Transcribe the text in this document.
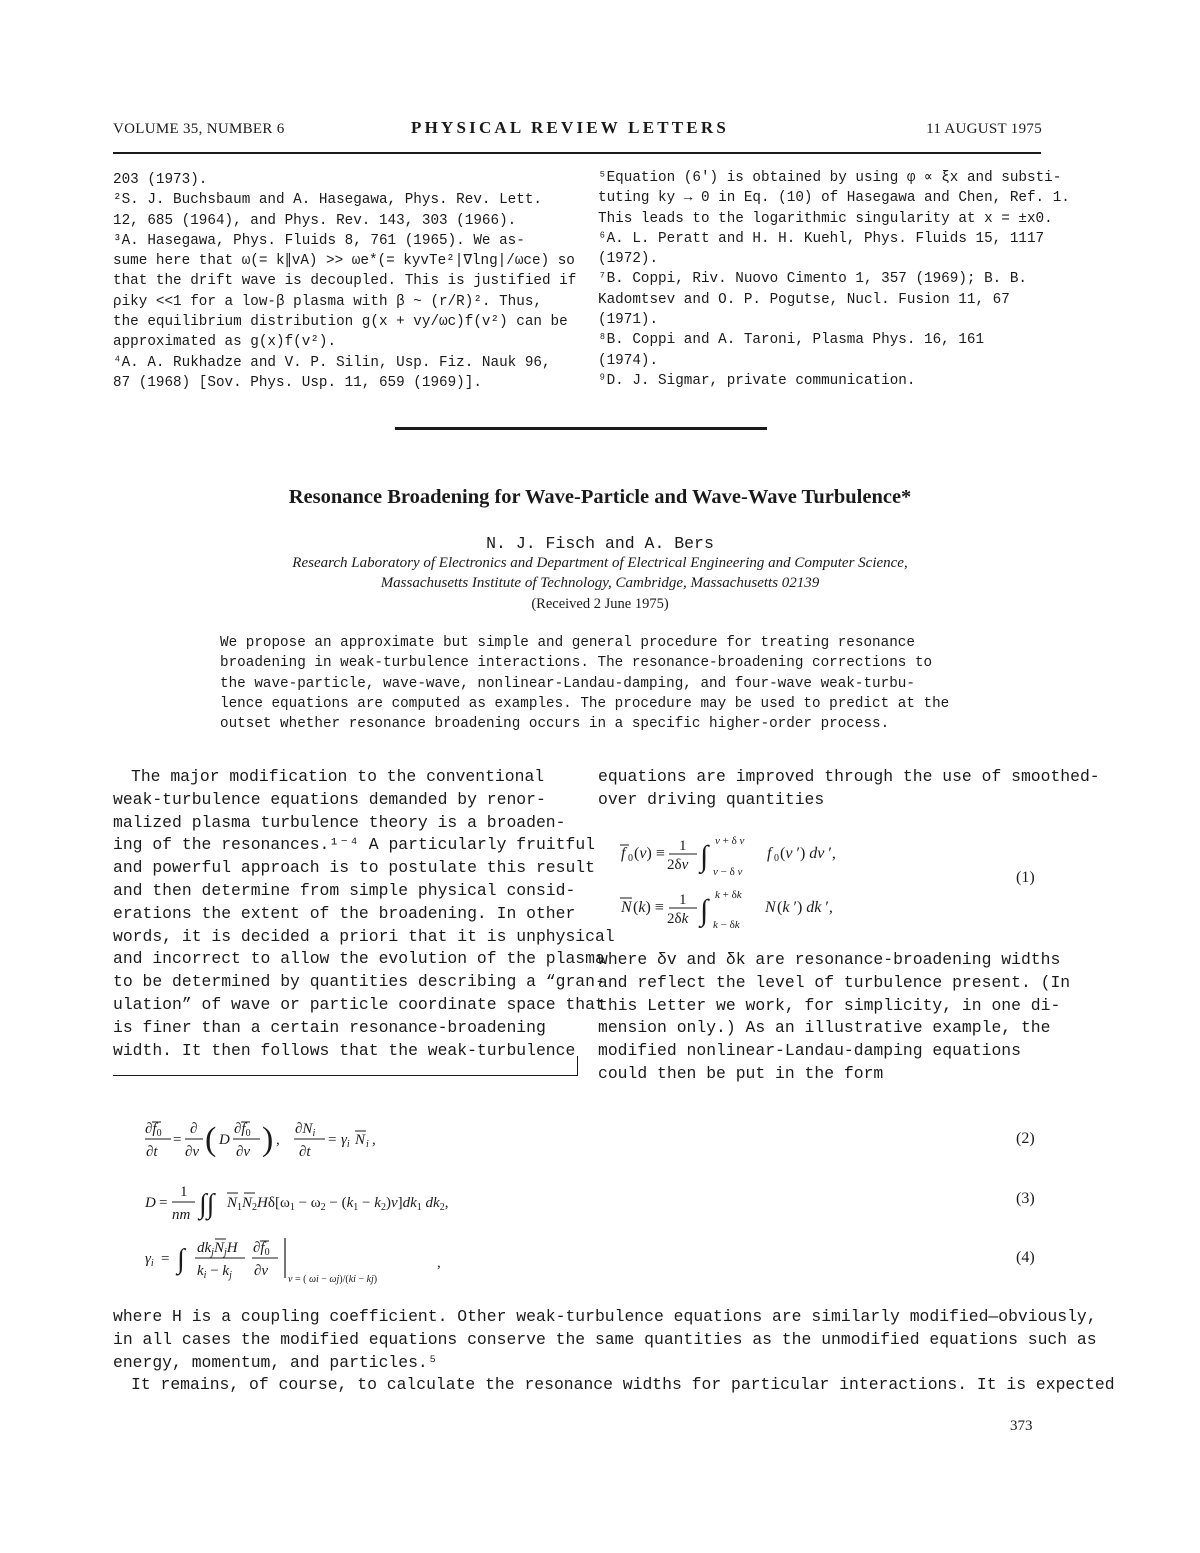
VOLUME 35, NUMBER 6	PHYSICAL REVIEW LETTERS	11 AUGUST 1975
203 (1973).
²S. J. Buchsbaum and A. Hasegawa, Phys. Rev. Lett.
12, 685 (1964), and Phys. Rev. 143, 303 (1966).
³A. Hasegawa, Phys. Fluids 8, 761 (1965). We as-
sume here that ω(= k∥vA) >> ωe*(= kyvTe²|∇lng|/ωce) so
that the drift wave is decoupled. This is justified if
ρiky <<1 for a low-β plasma with β ~ (r/R)². Thus,
the equilibrium distribution g(x + vy/ωc)f(v²) can be
approximated as g(x)f(v²).
⁴A. A. Rukhadze and V. P. Silin, Usp. Fiz. Nauk 96,
87 (1968) [Sov. Phys. Usp. 11, 659 (1969)].
⁵Equation (6′) is obtained by using φ ∝ ξx and substi-
tuting ky → 0 in Eq. (10) of Hasegawa and Chen, Ref. 1.
This leads to the logarithmic singularity at x = ±x0.
⁶A. L. Peratt and H. H. Kuehl, Phys. Fluids 15, 1117
(1972).
⁷B. Coppi, Riv. Nuovo Cimento 1, 357 (1969); B. B.
Kadomtsev and O. P. Pogutse, Nucl. Fusion 11, 67
(1971).
⁸B. Coppi and A. Taroni, Plasma Phys. 16, 161
(1974).
⁹D. J. Sigmar, private communication.
Resonance Broadening for Wave-Particle and Wave-Wave Turbulence*
N. J. Fisch and A. Bers
Research Laboratory of Electronics and Department of Electrical Engineering and Computer Science,
Massachusetts Institute of Technology, Cambridge, Massachusetts 02139
(Received 2 June 1975)
We propose an approximate but simple and general procedure for treating resonance
broadening in weak-turbulence interactions. The resonance-broadening corrections to
the wave-particle, wave-wave, nonlinear-Landau-damping, and four-wave weak-turbu-
lence equations are computed as examples. The procedure may be used to predict at the
outset whether resonance broadening occurs in a specific higher-order process.
The major modification to the conventional
weak-turbulence equations demanded by renor-
malized plasma turbulence theory is a broaden-
ing of the resonances.¹⁻⁴ A particularly fruitful
and powerful approach is to postulate this result
and then determine from simple physical consid-
erations the extent of the broadening. In other
words, it is decided a priori that it is unphysical
and incorrect to allow the evolution of the plasma
to be determined by quantities describing a “gran-
ulation” of wave or particle coordinate space that
is finer than a certain resonance-broadening
width. It then follows that the weak-turbulence
equations are improved through the use of smoothed-
over driving quantities
f 0 (v) ≡ 1
2δv ∫ v + δ v
v − δ v
f 0 (v ′) dv ′,
N (k) ≡ 1
2δk ∫ k + δk
k − δk
N (k ′) dk ′,
(1)
where δv and δk are resonance-broadening widths
and reflect the level of turbulence present. (In
this Letter we work, for simplicity, in one di-
mension only.) As an illustrative example, the
modified nonlinear-Landau-damping equations
could then be put in the form
$\partial f_0$
∂t
=
∂
∂v ( D
$\partial f_0$
∂v ) ,
$\partial N_i$
∂t
= $\gamma_i$ N i ,	(2)
D =
1
nm ∫∫ $N_1N_2H\delta[\omega_1 - \omega_2 - (k_1 - k_2)v]dk_1$ $dk_2$,	(3)
$\gamma_i$ = ∫ $dk_jN_jH$
$k_i - k_j$
$\partial f_0$
∂v
v = ( ωi − ωj)/(ki − kj)
,	(4)
where H is a coupling coefficient. Other weak-turbulence equations are similarly modified—obviously,
in all cases the modified equations conserve the same quantities as the unmodified equations such as
energy, momentum, and particles.⁵
It remains, of course, to calculate the resonance widths for particular interactions. It is expected
373
